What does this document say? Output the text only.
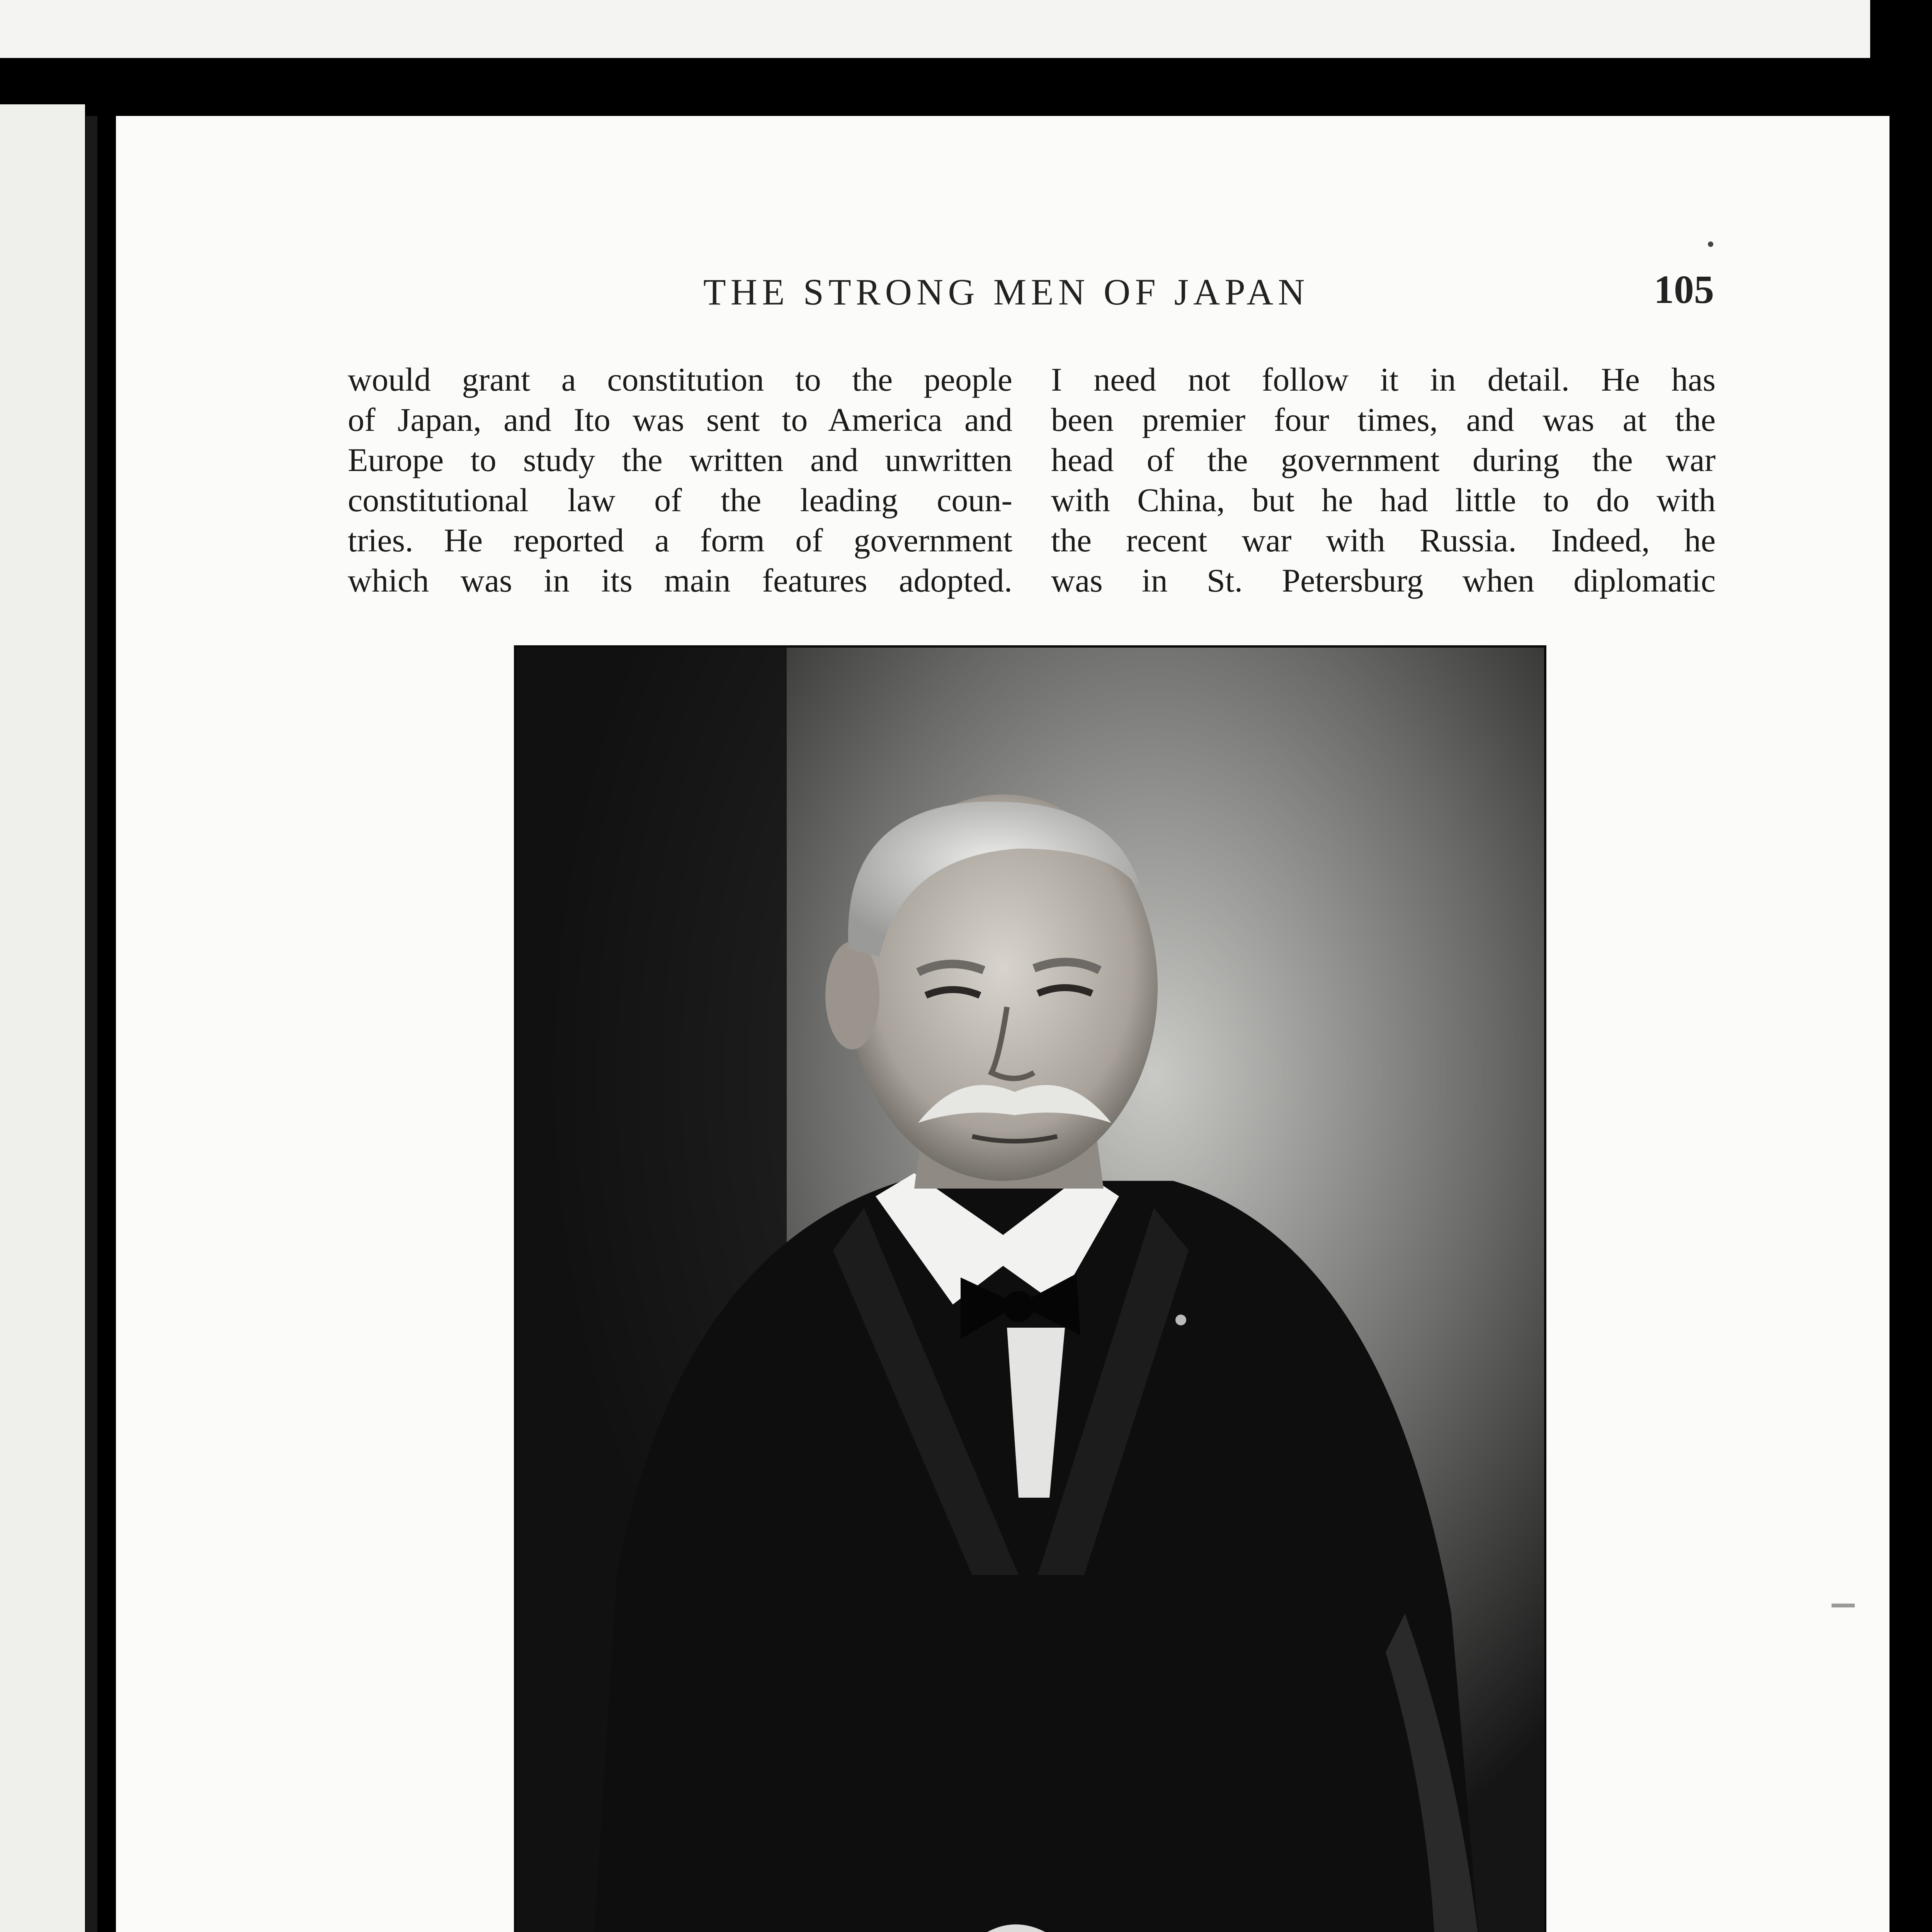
THE STRONG MEN OF JAPAN	105
would grant a constitution to the people
of Japan, and Ito was sent to America and
Europe to study the written and unwritten
constitutional law of the leading coun-
tries. He reported a form of government
which was in its main features adopted.
I need not follow it in detail. He has
been premier four times, and was at the
head of the government during the war
with China, but he had little to do with
the recent war with Russia. Indeed, he
was in St. Petersburg when diplomatic
